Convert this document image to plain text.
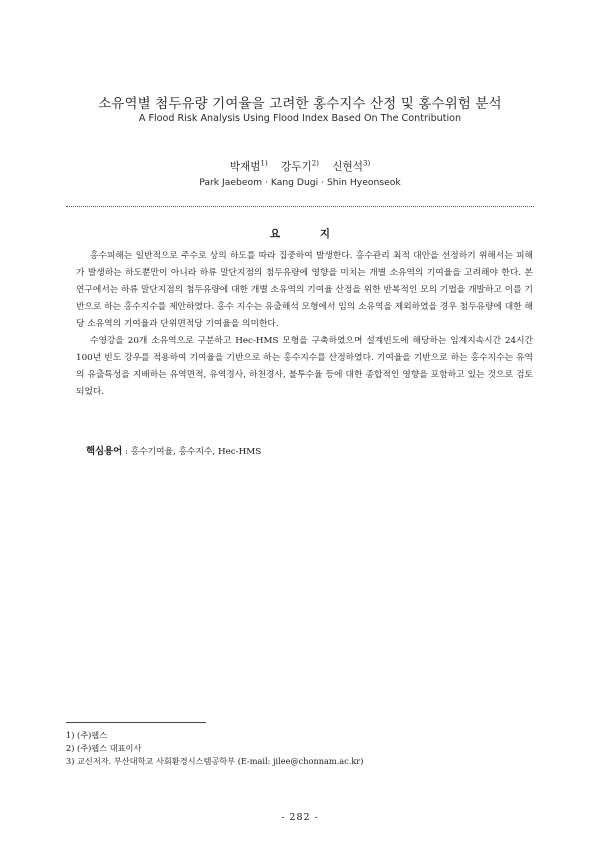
소유역별 첨두유량 기여율을 고려한 홍수지수 산정 및 홍수위험 분석
A Flood Risk Analysis Using Flood Index Based On The Contribution
박재범$^{1)}$ 강두기$^{2)}$ 신현석$^{3)}$
Park Jaebeom · Kang Dugi · Shin Hyeonseok
요 지

홍수피해는 일반적으로 주수로 상의 하도를 따라 집중하여 발생한다. 홍수관리 최적 대안을 선정하기 위해서는 피해가 발생하는 하도뿐만이 아니라 하류 말단지점의 첨두유량에 영향을 미치는 개별 소유역의 기여율을 고려해야 한다. 본 연구에서는 하류 말단지점의 첨두유량에 대한 개별 소유역의 기여율 산정을 위한 반복적인 모의 기법을 개발하고 이를 기반으로 하는 홍수지수를 제안하였다. 홍수 지수는 유출해석 모형에서 임의 소유역을 제외하였을 경우 첨두유량에 대한 해당 소유역의 기여율과 단위면적당 기여율을 의미한다.

수영강을 20개 소유역으로 구분하고 Hec-HMS 모형을 구축하였으며 설계빈도에 해당하는 임계지속시간 24시간 100년 빈도 강우를 적용하여 기여율을 기반으로 하는 홍수지수를 산정하였다. 기여율을 기반으로 하는 홍수지수는 유역의 유출특성을 지배하는 유역면적, 유역경사, 하천경사, 불투수율 등에 대한 종합적인 영향을 포함하고 있는 것으로 검토되었다.

핵심용어 : 홍수기여율, 홍수지수, Hec-HMS
1) (주)웹스
2) (주)웹스 대표이사
3) 교신저자. 부산대학교 사회환경시스템공학부 (E-mail: jilee@chonnam.ac.kr)
- 282 -
